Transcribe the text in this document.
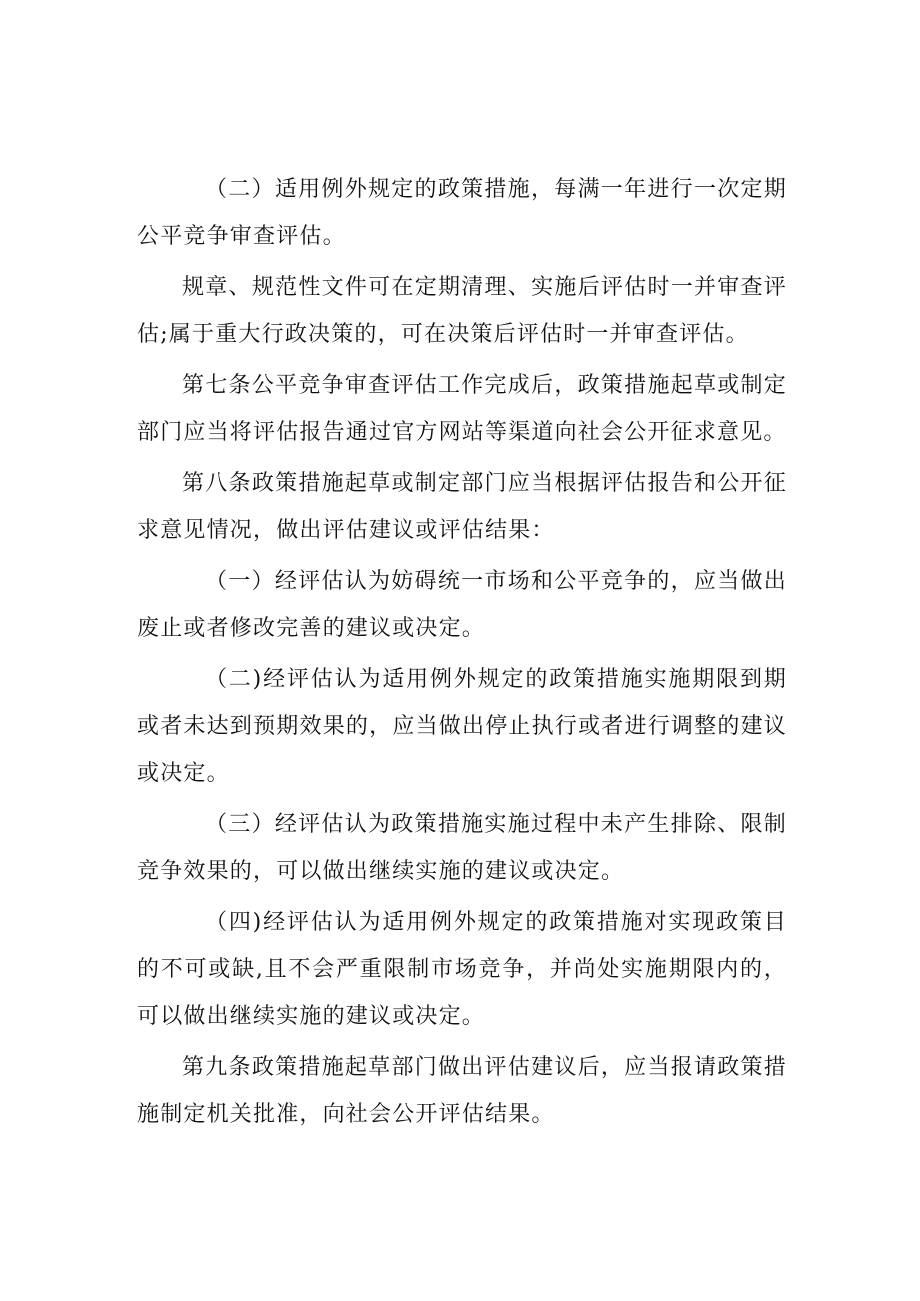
（二）适用例外规定的政策措施，每满一年进行一次定期公平竞争审查评估。

规章、规范性文件可在定期清理、实施后评估时一并审查评估;属于重大行政决策的，可在决策后评估时一并审查评估。

第七条公平竞争审查评估工作完成后，政策措施起草或制定部门应当将评估报告通过官方网站等渠道向社会公开征求意见。

第八条政策措施起草或制定部门应当根据评估报告和公开征求意见情况，做出评估建议或评估结果：

（一）经评估认为妨碍统一市场和公平竞争的，应当做出废止或者修改完善的建议或决定。

（二)经评估认为适用例外规定的政策措施实施期限到期或者未达到预期效果的，应当做出停止执行或者进行调整的建议或决定。

（三）经评估认为政策措施实施过程中未产生排除、限制竞争效果的，可以做出继续实施的建议或决定。

（四)经评估认为适用例外规定的政策措施对实现政策目的不可或缺,且不会严重限制市场竞争，并尚处实施期限内的，可以做出继续实施的建议或决定。

第九条政策措施起草部门做出评估建议后，应当报请政策措施制定机关批准，向社会公开评估结果。
